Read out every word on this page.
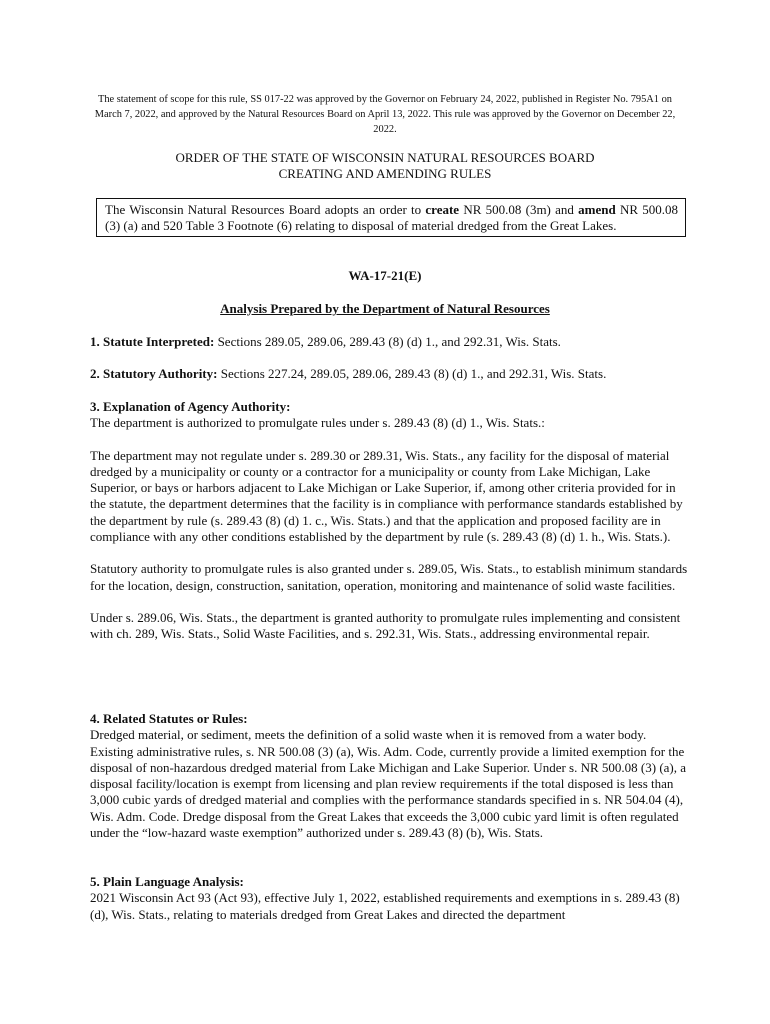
The statement of scope for this rule, SS 017-22 was approved by the Governor on February 24, 2022, published in Register No. 795A1 on March 7, 2022, and approved by the Natural Resources Board on April 13, 2022. This rule was approved by the Governor on December 22, 2022.
ORDER OF THE STATE OF WISCONSIN NATURAL RESOURCES BOARD
CREATING AND AMENDING RULES
The Wisconsin Natural Resources Board adopts an order to create NR 500.08 (3m) and amend NR 500.08 (3) (a) and 520 Table 3 Footnote (6) relating to disposal of material dredged from the Great Lakes.
WA-17-21(E)
Analysis Prepared by the Department of Natural Resources

1. Statute Interpreted: Sections 289.05, 289.06, 289.43 (8) (d) 1., and 292.31, Wis. Stats.

2. Statutory Authority: Sections 227.24, 289.05, 289.06, 289.43 (8) (d) 1., and 292.31, Wis. Stats.

3. Explanation of Agency Authority:

The department is authorized to promulgate rules under s. 289.43 (8) (d) 1., Wis. Stats.:

The department may not regulate under s. 289.30 or 289.31, Wis. Stats., any facility for the disposal of material dredged by a municipality or county or a contractor for a municipality or county from Lake Michigan, Lake Superior, or bays or harbors adjacent to Lake Michigan or Lake Superior, if, among other criteria provided for in the statute, the department determines that the facility is in compliance with performance standards established by the department by rule (s. 289.43 (8) (d) 1. c., Wis. Stats.) and that the application and proposed facility are in compliance with any other conditions established by the department by rule (s. 289.43 (8) (d) 1. h., Wis. Stats.).

Statutory authority to promulgate rules is also granted under s. 289.05, Wis. Stats., to establish minimum standards for the location, design, construction, sanitation, operation, monitoring and maintenance of solid waste facilities.

Under s. 289.06, Wis. Stats., the department is granted authority to promulgate rules implementing and consistent with ch. 289, Wis. Stats., Solid Waste Facilities, and s. 292.31, Wis. Stats., addressing environmental repair.

4. Related Statutes or Rules:

Dredged material, or sediment, meets the definition of a solid waste when it is removed from a water body. Existing administrative rules, s. NR 500.08 (3) (a), Wis. Adm. Code, currently provide a limited exemption for the disposal of non-hazardous dredged material from Lake Michigan and Lake Superior. Under s. NR 500.08 (3) (a), a disposal facility/location is exempt from licensing and plan review requirements if the total disposed is less than 3,000 cubic yards of dredged material and complies with the performance standards specified in s. NR 504.04 (4), Wis. Adm. Code. Dredge disposal from the Great Lakes that exceeds the 3,000 cubic yard limit is often regulated under the “low-hazard waste exemption” authorized under s. 289.43 (8) (b), Wis. Stats.

5. Plain Language Analysis:

2021 Wisconsin Act 93 (Act 93), effective July 1, 2022, established requirements and exemptions in s. 289.43 (8) (d), Wis. Stats., relating to materials dredged from Great Lakes and directed the department
